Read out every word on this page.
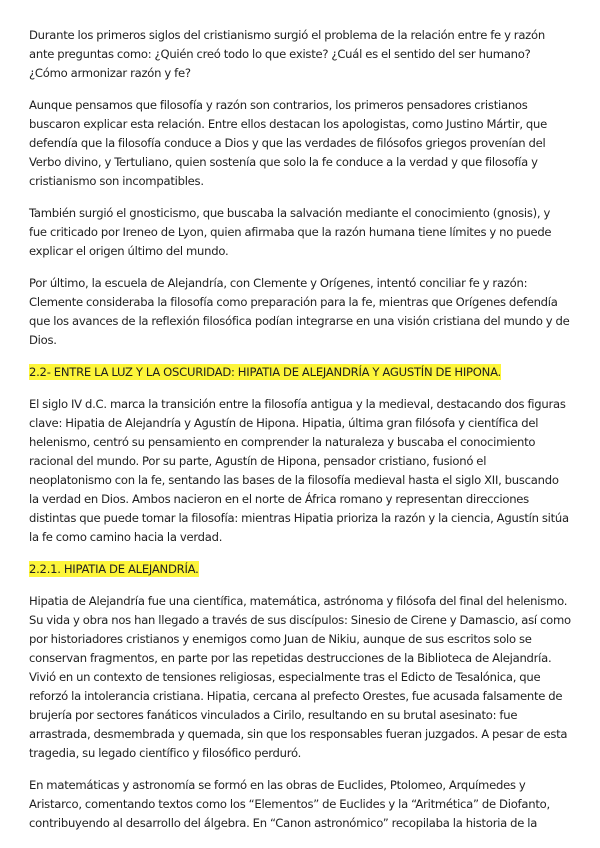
Durante los primeros siglos del cristianismo surgió el problema de la relación entre fe y razón ante preguntas como: ¿Quién creó todo lo que existe? ¿Cuál es el sentido del ser humano? ¿Cómo armonizar razón y fe?

Aunque pensamos que filosofía y razón son contrarios, los primeros pensadores cristianos buscaron explicar esta relación. Entre ellos destacan los apologistas, como Justino Mártir, que defendía que la filosofía conduce a Dios y que las verdades de filósofos griegos provenían del Verbo divino, y Tertuliano, quien sostenía que solo la fe conduce a la verdad y que filosofía y cristianismo son incompatibles.

También surgió el gnosticismo, que buscaba la salvación mediante el conocimiento (gnosis), y fue criticado por Ireneo de Lyon, quien afirmaba que la razón humana tiene límites y no puede explicar el origen último del mundo.

Por último, la escuela de Alejandría, con Clemente y Orígenes, intentó conciliar fe y razón: Clemente consideraba la filosofía como preparación para la fe, mientras que Orígenes defendía que los avances de la reflexión filosófica podían integrarse en una visión cristiana del mundo y de Dios.

2.2- ENTRE LA LUZ Y LA OSCURIDAD: HIPATIA DE ALEJANDRÍA Y AGUSTÍN DE HIPONA.

El siglo IV d.C. marca la transición entre la filosofía antigua y la medieval, destacando dos figuras clave: Hipatia de Alejandría y Agustín de Hipona. Hipatia, última gran filósofa y científica del helenismo, centró su pensamiento en comprender la naturaleza y buscaba el conocimiento racional del mundo. Por su parte, Agustín de Hipona, pensador cristiano, fusionó el neoplatonismo con la fe, sentando las bases de la filosofía medieval hasta el siglo XII, buscando la verdad en Dios. Ambos nacieron en el norte de África romano y representan direcciones distintas que puede tomar la filosofía: mientras Hipatia prioriza la razón y la ciencia, Agustín sitúa la fe como camino hacia la verdad.

2.2.1. HIPATIA DE ALEJANDRÍA.

Hipatia de Alejandría fue una científica, matemática, astrónoma y filósofa del final del helenismo. Su vida y obra nos han llegado a través de sus discípulos: Sinesio de Cirene y Damascio, así como por historiadores cristianos y enemigos como Juan de Nikiu, aunque de sus escritos solo se conservan fragmentos, en parte por las repetidas destrucciones de la Biblioteca de Alejandría. Vivió en un contexto de tensiones religiosas, especialmente tras el Edicto de Tesalónica, que reforzó la intolerancia cristiana. Hipatia, cercana al prefecto Orestes, fue acusada falsamente de brujería por sectores fanáticos vinculados a Cirilo, resultando en su brutal asesinato: fue arrastrada, desmembrada y quemada, sin que los responsables fueran juzgados. A pesar de esta tragedia, su legado científico y filosófico perduró.

En matemáticas y astronomía se formó en las obras de Euclides, Ptolomeo, Arquímedes y Aristarco, comentando textos como los “Elementos” de Euclides y la “Aritmética” de Diofanto, contribuyendo al desarrollo del álgebra. En “Canon astronómico” recopilaba la historia de la
